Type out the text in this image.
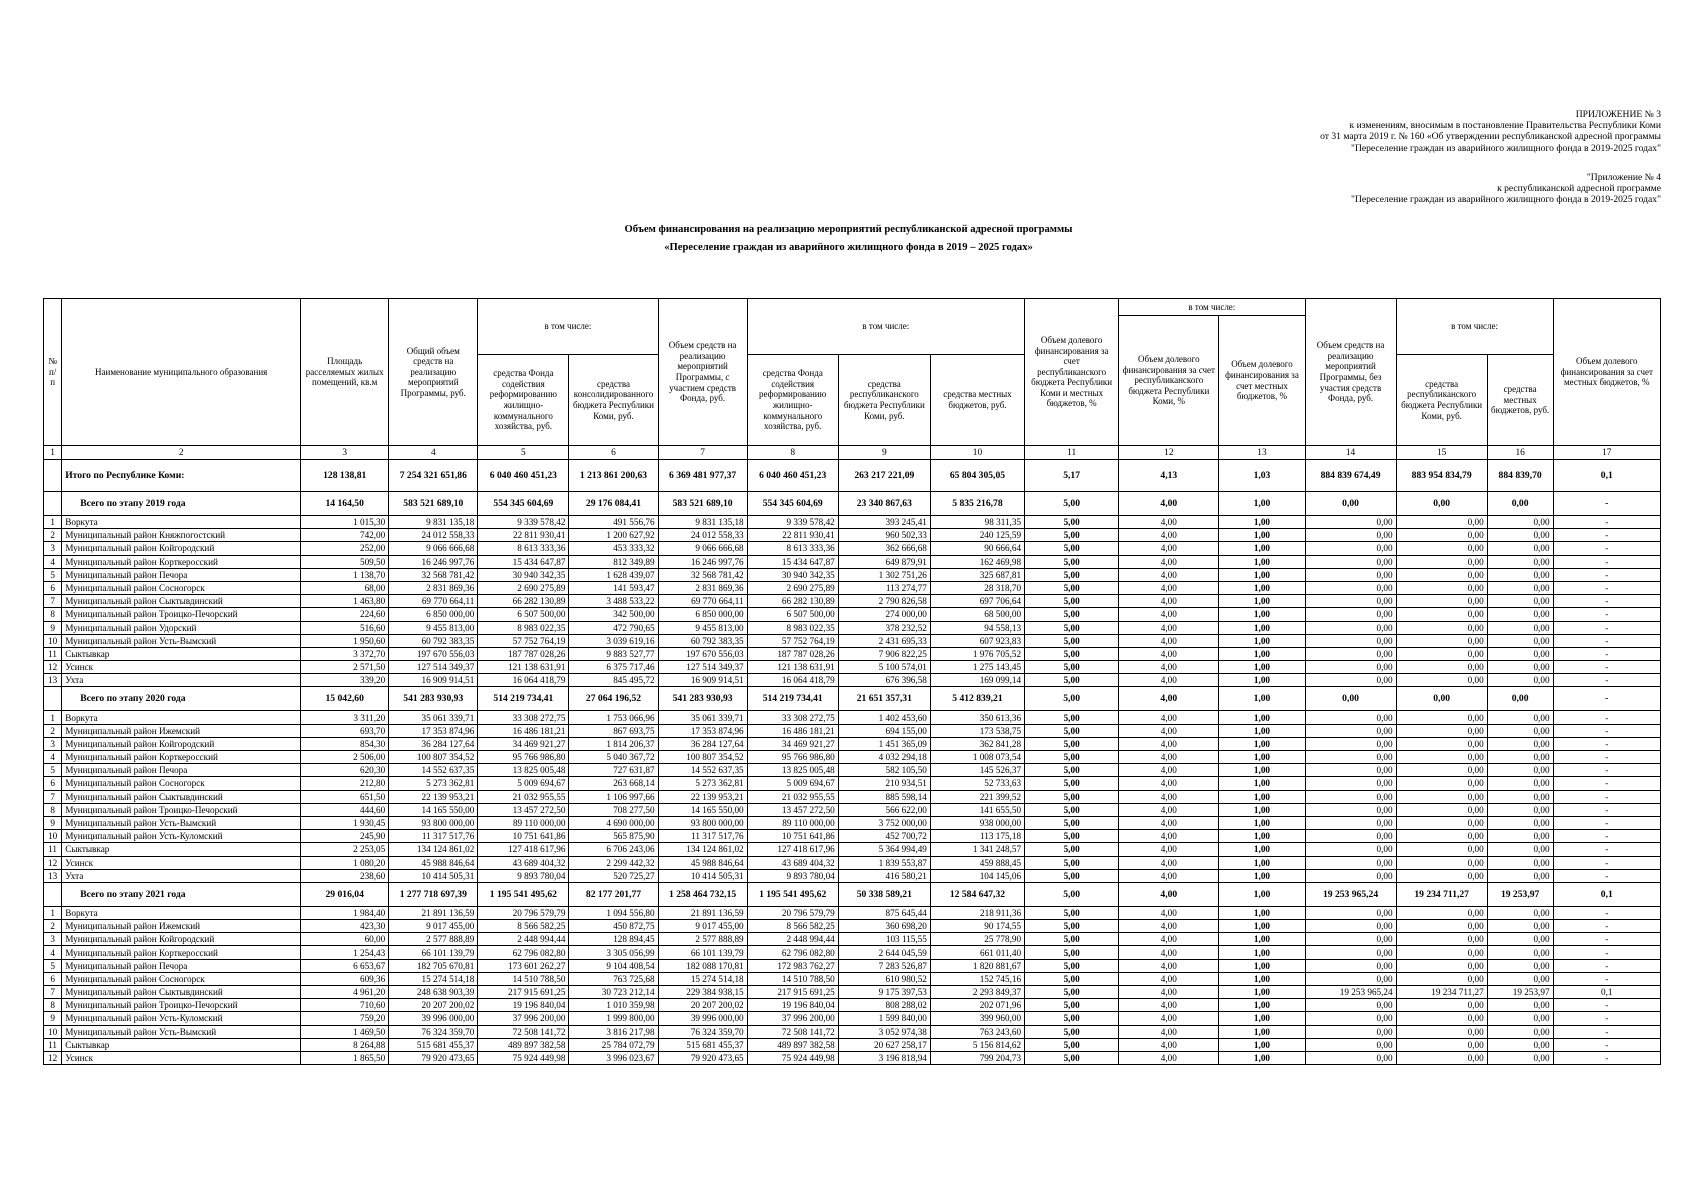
ПРИЛОЖЕНИЕ № 3
к изменениям, вносимым в постановление Правительства Республики Коми
от 31 марта 2019 г. № 160 «Об утверждении республиканской адресной программы
"Переселение граждан из аварийного жилищного фонда в 2019-2025 годах"
"Приложение № 4
к республиканской адресной программе
"Переселение граждан из аварийного жилищного фонда в 2019-2025 годах"
Объем финансирования на реализацию мероприятий республиканской адресной программы
«Переселение граждан из аварийного жилищного фонда в 2019 – 2025 годах»
№ п/п	Наименование муниципального образования	Площадь расселяемых жилых помещений, кв.м	Общий объем средств на реализацию мероприятий Программы, руб.	в том числе:		Объем средств на реализацию мероприятий Программы, с участием средств Фонда, руб.	в том числе:			Объем долевого финансирования за счет республиканского бюджета Республики Коми и местных бюджетов, %	в том числе:		Объем средств на реализацию мероприятий Программы, без участия средств Фонда, руб.	в том числе:		Объем долевого финансирования за счет местных бюджетов, %
											Объем долевого финансирования за счет республиканского бюджета Республики Коми, %	Объем долевого финансирования за счет местных бюджетов, %				
				средства Фонда содействия реформированию жилищно-коммунального хозяйства, руб.	средства консолидированного бюджета Республики Коми, руб.		средства Фонда содействия реформированию жилищно-коммунального хозяйства, руб.	средства республиканского бюджета Республики Коми, руб.	средства местных бюджетов, руб.					средства республиканского бюджета Республики Коми, руб.	средства местных бюджетов, руб.	
1	2	3	4	5	6	7	8	9	10	11	12	13	14	15	16	17
	Итого по Республике Коми:	128 138,81	7 254 321 651,86	6 040 460 451,23	1 213 861 200,63	6 369 481 977,37	6 040 460 451,23	263 217 221,09	65 804 305,05	5,17	4,13	1,03	884 839 674,49	883 954 834,79	884 839,70	0,1
	Всего по этапу 2019 года	14 164,50	583 521 689,10	554 345 604,69	29 176 084,41	583 521 689,10	554 345 604,69	23 340 867,63	5 835 216,78	5,00	4,00	1,00	0,00	0,00	0,00	-
1	Воркута	1 015,30	9 831 135,18	9 339 578,42	491 556,76	9 831 135,18	9 339 578,42	393 245,41	98 311,35	5,00	4,00	1,00	0,00	0,00	0,00	-
2	Муниципальный район Княжпогостский	742,00	24 012 558,33	22 811 930,41	1 200 627,92	24 012 558,33	22 811 930,41	960 502,33	240 125,59	5,00	4,00	1,00	0,00	0,00	0,00	-
3	Муниципальный район Койгородский	252,00	9 066 666,68	8 613 333,36	453 333,32	9 066 666,68	8 613 333,36	362 666,68	90 666,64	5,00	4,00	1,00	0,00	0,00	0,00	-
4	Муниципальный район Корткеросский	509,50	16 246 997,76	15 434 647,87	812 349,89	16 246 997,76	15 434 647,87	649 879,91	162 469,98	5,00	4,00	1,00	0,00	0,00	0,00	-
5	Муниципальный район Печора	1 138,70	32 568 781,42	30 940 342,35	1 628 439,07	32 568 781,42	30 940 342,35	1 302 751,26	325 687,81	5,00	4,00	1,00	0,00	0,00	0,00	-
6	Муниципальный район Сосногорск	68,00	2 831 869,36	2 690 275,89	141 593,47	2 831 869,36	2 690 275,89	113 274,77	28 318,70	5,00	4,00	1,00	0,00	0,00	0,00	-
7	Муниципальный район Сыктывдинский	1 463,80	69 770 664,11	66 282 130,89	3 488 533,22	69 770 664,11	66 282 130,89	2 790 826,58	697 706,64	5,00	4,00	1,00	0,00	0,00	0,00	-
8	Муниципальный район Троицко-Печорский	224,60	6 850 000,00	6 507 500,00	342 500,00	6 850 000,00	6 507 500,00	274 000,00	68 500,00	5,00	4,00	1,00	0,00	0,00	0,00	-
9	Муниципальный район Удорский	516,60	9 455 813,00	8 983 022,35	472 790,65	9 455 813,00	8 983 022,35	378 232,52	94 558,13	5,00	4,00	1,00	0,00	0,00	0,00	-
10	Муниципальный район Усть-Вымский	1 950,60	60 792 383,35	57 752 764,19	3 039 619,16	60 792 383,35	57 752 764,19	2 431 695,33	607 923,83	5,00	4,00	1,00	0,00	0,00	0,00	-
11	Сыктывкар	3 372,70	197 670 556,03	187 787 028,26	9 883 527,77	197 670 556,03	187 787 028,26	7 906 822,25	1 976 705,52	5,00	4,00	1,00	0,00	0,00	0,00	-
12	Усинск	2 571,50	127 514 349,37	121 138 631,91	6 375 717,46	127 514 349,37	121 138 631,91	5 100 574,01	1 275 143,45	5,00	4,00	1,00	0,00	0,00	0,00	-
13	Ухта	339,20	16 909 914,51	16 064 418,79	845 495,72	16 909 914,51	16 064 418,79	676 396,58	169 099,14	5,00	4,00	1,00	0,00	0,00	0,00	-
	Всего по этапу 2020 года	15 042,60	541 283 930,93	514 219 734,41	27 064 196,52	541 283 930,93	514 219 734,41	21 651 357,31	5 412 839,21	5,00	4,00	1,00	0,00	0,00	0,00	-
1	Воркута	3 311,20	35 061 339,71	33 308 272,75	1 753 066,96	35 061 339,71	33 308 272,75	1 402 453,60	350 613,36	5,00	4,00	1,00	0,00	0,00	0,00	-
2	Муниципальный район Ижемский	693,70	17 353 874,96	16 486 181,21	867 693,75	17 353 874,96	16 486 181,21	694 155,00	173 538,75	5,00	4,00	1,00	0,00	0,00	0,00	-
3	Муниципальный район Койгородский	854,30	36 284 127,64	34 469 921,27	1 814 206,37	36 284 127,64	34 469 921,27	1 451 365,09	362 841,28	5,00	4,00	1,00	0,00	0,00	0,00	-
4	Муниципальный район Корткеросский	2 506,00	100 807 354,52	95 766 986,80	5 040 367,72	100 807 354,52	95 766 986,80	4 032 294,18	1 008 073,54	5,00	4,00	1,00	0,00	0,00	0,00	-
5	Муниципальный район Печора	620,30	14 552 637,35	13 825 005,48	727 631,87	14 552 637,35	13 825 005,48	582 105,50	145 526,37	5,00	4,00	1,00	0,00	0,00	0,00	-
6	Муниципальный район Сосногорск	212,80	5 273 362,81	5 009 694,67	263 668,14	5 273 362,81	5 009 694,67	210 934,51	52 733,63	5,00	4,00	1,00	0,00	0,00	0,00	-
7	Муниципальный район Сыктывдинский	651,50	22 139 953,21	21 032 955,55	1 106 997,66	22 139 953,21	21 032 955,55	885 598,14	221 399,52	5,00	4,00	1,00	0,00	0,00	0,00	-
8	Муниципальный район Троицко-Печорский	444,60	14 165 550,00	13 457 272,50	708 277,50	14 165 550,00	13 457 272,50	566 622,00	141 655,50	5,00	4,00	1,00	0,00	0,00	0,00	-
9	Муниципальный район Усть-Вымский	1 930,45	93 800 000,00	89 110 000,00	4 690 000,00	93 800 000,00	89 110 000,00	3 752 000,00	938 000,00	5,00	4,00	1,00	0,00	0,00	0,00	-
10	Муниципальный район Усть-Куломский	245,90	11 317 517,76	10 751 641,86	565 875,90	11 317 517,76	10 751 641,86	452 700,72	113 175,18	5,00	4,00	1,00	0,00	0,00	0,00	-
11	Сыктывкар	2 253,05	134 124 861,02	127 418 617,96	6 706 243,06	134 124 861,02	127 418 617,96	5 364 994,49	1 341 248,57	5,00	4,00	1,00	0,00	0,00	0,00	-
12	Усинск	1 080,20	45 988 846,64	43 689 404,32	2 299 442,32	45 988 846,64	43 689 404,32	1 839 553,87	459 888,45	5,00	4,00	1,00	0,00	0,00	0,00	-
13	Ухта	238,60	10 414 505,31	9 893 780,04	520 725,27	10 414 505,31	9 893 780,04	416 580,21	104 145,06	5,00	4,00	1,00	0,00	0,00	0,00	-
	Всего по этапу 2021 года	29 016,04	1 277 718 697,39	1 195 541 495,62	82 177 201,77	1 258 464 732,15	1 195 541 495,62	50 338 589,21	12 584 647,32	5,00	4,00	1,00	19 253 965,24	19 234 711,27	19 253,97	0,1
1	Воркута	1 984,40	21 891 136,59	20 796 579,79	1 094 556,80	21 891 136,59	20 796 579,79	875 645,44	218 911,36	5,00	4,00	1,00	0,00	0,00	0,00	-
2	Муниципальный район Ижемский	423,30	9 017 455,00	8 566 582,25	450 872,75	9 017 455,00	8 566 582,25	360 698,20	90 174,55	5,00	4,00	1,00	0,00	0,00	0,00	-
3	Муниципальный район Койгородский	60,00	2 577 888,89	2 448 994,44	128 894,45	2 577 888,89	2 448 994,44	103 115,55	25 778,90	5,00	4,00	1,00	0,00	0,00	0,00	-
4	Муниципальный район Корткеросский	1 254,43	66 101 139,79	62 796 082,80	3 305 056,99	66 101 139,79	62 796 082,80	2 644 045,59	661 011,40	5,00	4,00	1,00	0,00	0,00	0,00	-
5	Муниципальный район Печора	6 653,67	182 705 670,81	173 601 262,27	9 104 408,54	182 088 170,81	172 983 762,27	7 283 526,87	1 820 881,67	5,00	4,00	1,00	0,00	0,00	0,00	-
6	Муниципальный район Сосногорск	609,36	15 274 514,18	14 510 788,50	763 725,68	15 274 514,18	14 510 788,50	610 980,52	152 745,16	5,00	4,00	1,00	0,00	0,00	0,00	-
7	Муниципальный район Сыктывдинский	4 961,20	248 638 903,39	217 915 691,25	30 723 212,14	229 384 938,15	217 915 691,25	9 175 397,53	2 293 849,37	5,00	4,00	1,00	19 253 965,24	19 234 711,27	19 253,97	0,1
8	Муниципальный район Троицко-Печорский	710,60	20 207 200,02	19 196 840,04	1 010 359,98	20 207 200,02	19 196 840,04	808 288,02	202 071,96	5,00	4,00	1,00	0,00	0,00	0,00	-
9	Муниципальный район Усть-Куломский	759,20	39 996 000,00	37 996 200,00	1 999 800,00	39 996 000,00	37 996 200,00	1 599 840,00	399 960,00	5,00	4,00	1,00	0,00	0,00	0,00	-
10	Муниципальный район Усть-Вымский	1 469,50	76 324 359,70	72 508 141,72	3 816 217,98	76 324 359,70	72 508 141,72	3 052 974,38	763 243,60	5,00	4,00	1,00	0,00	0,00	0,00	-
11	Сыктывкар	8 264,88	515 681 455,37	489 897 382,58	25 784 072,79	515 681 455,37	489 897 382,58	20 627 258,17	5 156 814,62	5,00	4,00	1,00	0,00	0,00	0,00	-
12	Усинск	1 865,50	79 920 473,65	75 924 449,98	3 996 023,67	79 920 473,65	75 924 449,98	3 196 818,94	799 204,73	5,00	4,00	1,00	0,00	0,00	0,00	-
